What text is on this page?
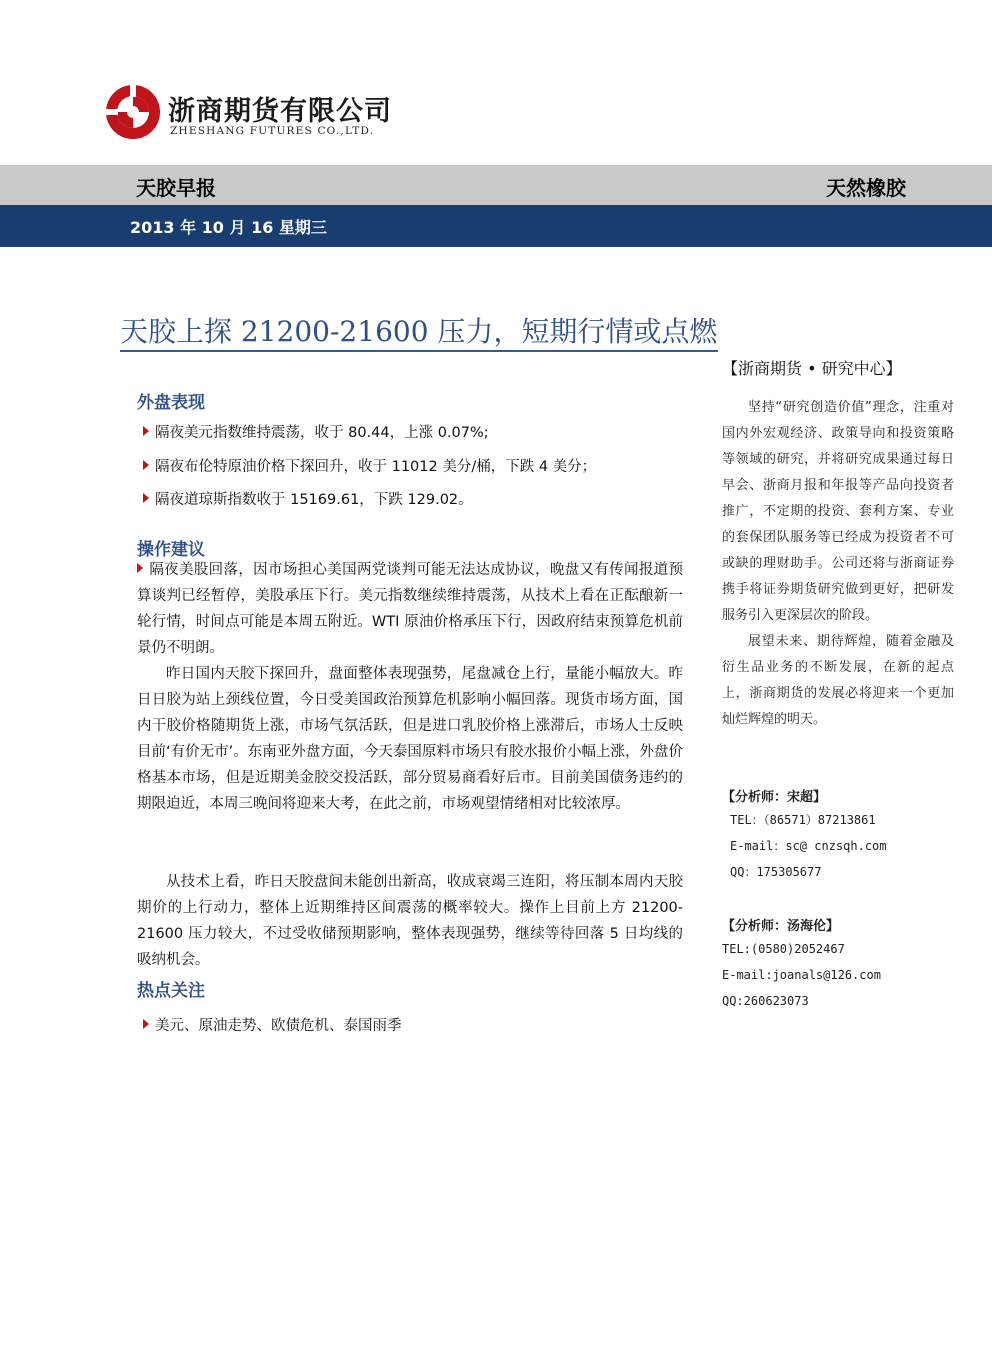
浙商期货有限公司
ZHESHANG FUTURES CO.,LTD.
天胶早报	天然橡胶
2013 年 10 月 16 星期三
天胶上探 21200-21600 压力，短期行情或点燃
【浙商期货 • 研究中心】

坚持“研究创造价值”理念，注重对国内外宏观经济、政策导向和投资策略等领域的研究，并将研究成果通过每日早会、浙商月报和年报等产品向投资者推广，不定期的投资、套利方案、专业的套保团队服务等已经成为投资者不可或缺的理财助手。公司还将与浙商证券携手将证券期货研究做到更好，把研发服务引入更深层次的阶段。

展望未来、期待辉煌，随着金融及衍生品业务的不断发展，在新的起点上，浙商期货的发展必将迎来一个更加灿烂辉煌的明天。

【分析师：宋超】
TEL：（86571）87213861
E-mail：sc@ cnzsqh.com
QQ：175305677
【分析师：汤海伦】
TEL:(0580)2052467
E-mail:joanals@126.com
QQ:260623073
外盘表现
隔夜美元指数维持震荡，收于 80.44，上涨 0.07%;
隔夜布伦特原油价格下探回升，收于 11012 美分/桶，下跌 4 美分；
隔夜道琼斯指数收于 15169.61，下跌 129.02。
操作建议

隔夜美股回落，因市场担心美国两党谈判可能无法达成协议，晚盘又有传闻报道预算谈判已经暂停，美股承压下行。美元指数继续维持震荡，从技术上看在正酝酿新一轮行情，时间点可能是本周五附近。WTI 原油价格承压下行，因政府结束预算危机前景仍不明朗。

昨日国内天胶下探回升，盘面整体表现强势，尾盘减仓上行，量能小幅放大。昨日日胶为站上颈线位置，今日受美国政治预算危机影响小幅回落。现货市场方面，国内干胶价格随期货上涨，市场气氛活跃，但是进口乳胶价格上涨滞后，市场人士反映目前‘有价无市’。东南亚外盘方面，今天泰国原料市场只有胶水报价小幅上涨，外盘价格基本市场，但是近期美金胶交投活跃，部分贸易商看好后市。目前美国债务违约的期限迫近，本周三晚间将迎来大考，在此之前，市场观望情绪相对比较浓厚。

从技术上看，昨日天胶盘间未能创出新高，收成衰竭三连阳，将压制本周内天胶期价的上行动力，整体上近期维持区间震荡的概率较大。操作上目前上方 21200-21600 压力较大，不过受收储预期影响，整体表现强势，继续等待回落 5 日均线的吸纳机会。

热点关注
美元、原油走势、欧债危机、泰国雨季
